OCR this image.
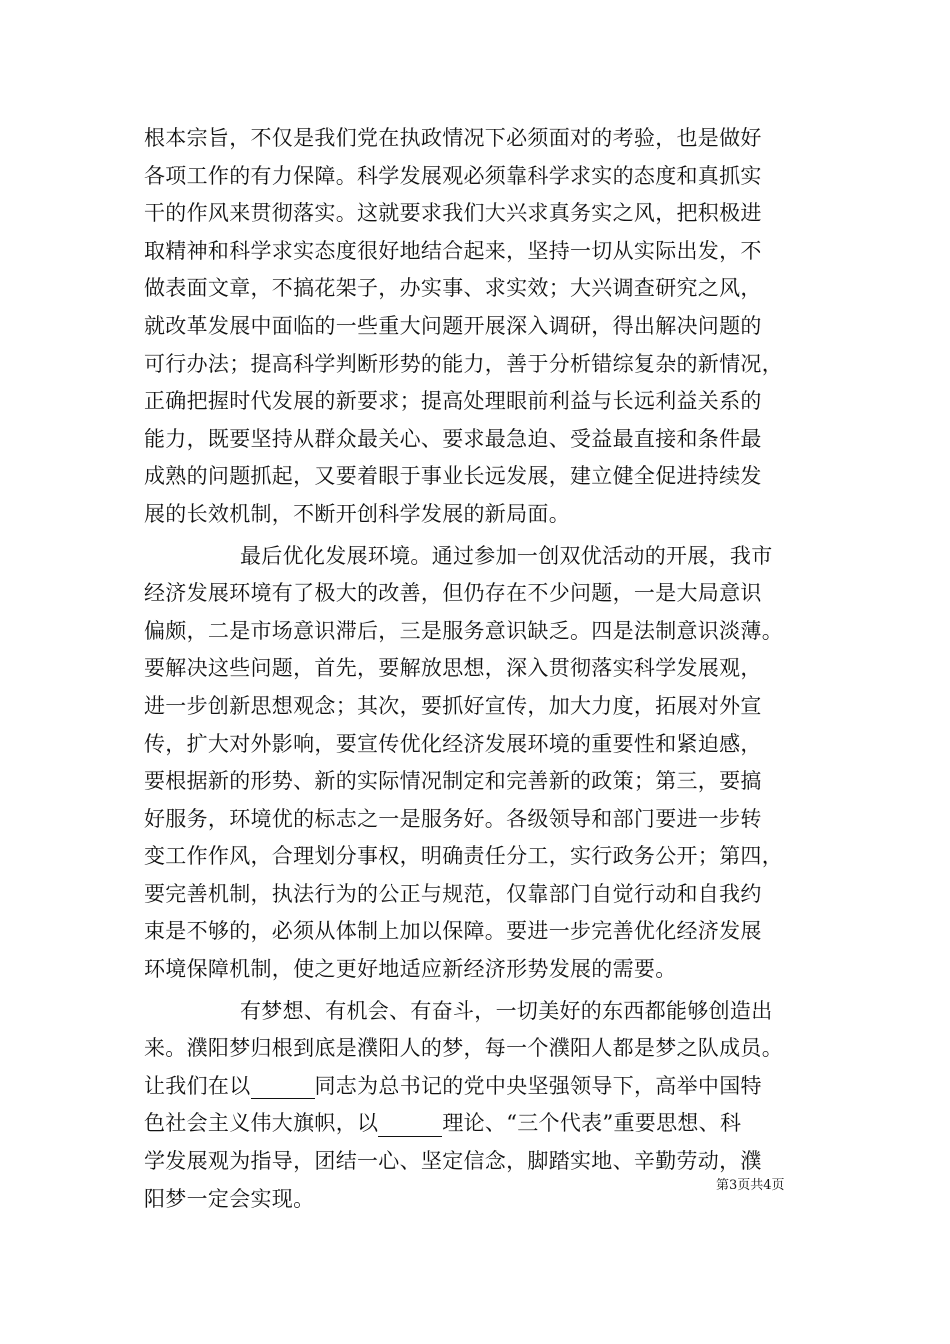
根本宗旨，不仅是我们党在执政情况下必须面对的考验，也是做好
各项工作的有力保障。科学发展观必须靠科学求实的态度和真抓实
干的作风来贯彻落实。这就要求我们大兴求真务实之风，把积极进
取精神和科学求实态度很好地结合起来，坚持一切从实际出发，不
做表面文章，不搞花架子，办实事、求实效；大兴调查研究之风，
就改革发展中面临的一些重大问题开展深入调研，得出解决问题的
可行办法；提高科学判断形势的能力，善于分析错综复杂的新情况，
正确把握时代发展的新要求；提高处理眼前利益与长远利益关系的
能力，既要坚持从群众最关心、要求最急迫、受益最直接和条件最
成熟的问题抓起，又要着眼于事业长远发展，建立健全促进持续发
展的长效机制，不断开创科学发展的新局面。
最后优化发展环境。通过参加一创双优活动的开展，我市
经济发展环境有了极大的改善，但仍存在不少问题，一是大局意识
偏颇，二是市场意识滞后，三是服务意识缺乏。四是法制意识淡薄。
要解决这些问题，首先，要解放思想，深入贯彻落实科学发展观，
进一步创新思想观念；其次，要抓好宣传，加大力度，拓展对外宣
传，扩大对外影响，要宣传优化经济发展环境的重要性和紧迫感，
要根据新的形势、新的实际情况制定和完善新的政策；第三，要搞
好服务，环境优的标志之一是服务好。各级领导和部门要进一步转
变工作作风，合理划分事权，明确责任分工，实行政务公开；第四，
要完善机制，执法行为的公正与规范，仅靠部门自觉行动和自我约
束是不够的，必须从体制上加以保障。要进一步完善优化经济发展
环境保障机制，使之更好地适应新经济形势发展的需要。
有梦想、有机会、有奋斗，一切美好的东西都能够创造出
来。濮阳梦归根到底是濮阳人的梦，每一个濮阳人都是梦之队成员。
让我们在以	同志为总书记的党中央坚强领导下，高举中国特
色社会主义伟大旗帜，以	理论、“三个代表”重要思想、科
学发展观为指导，团结一心、坚定信念，脚踏实地、辛勤劳动，濮
阳梦一定会实现。
第3页共4页
